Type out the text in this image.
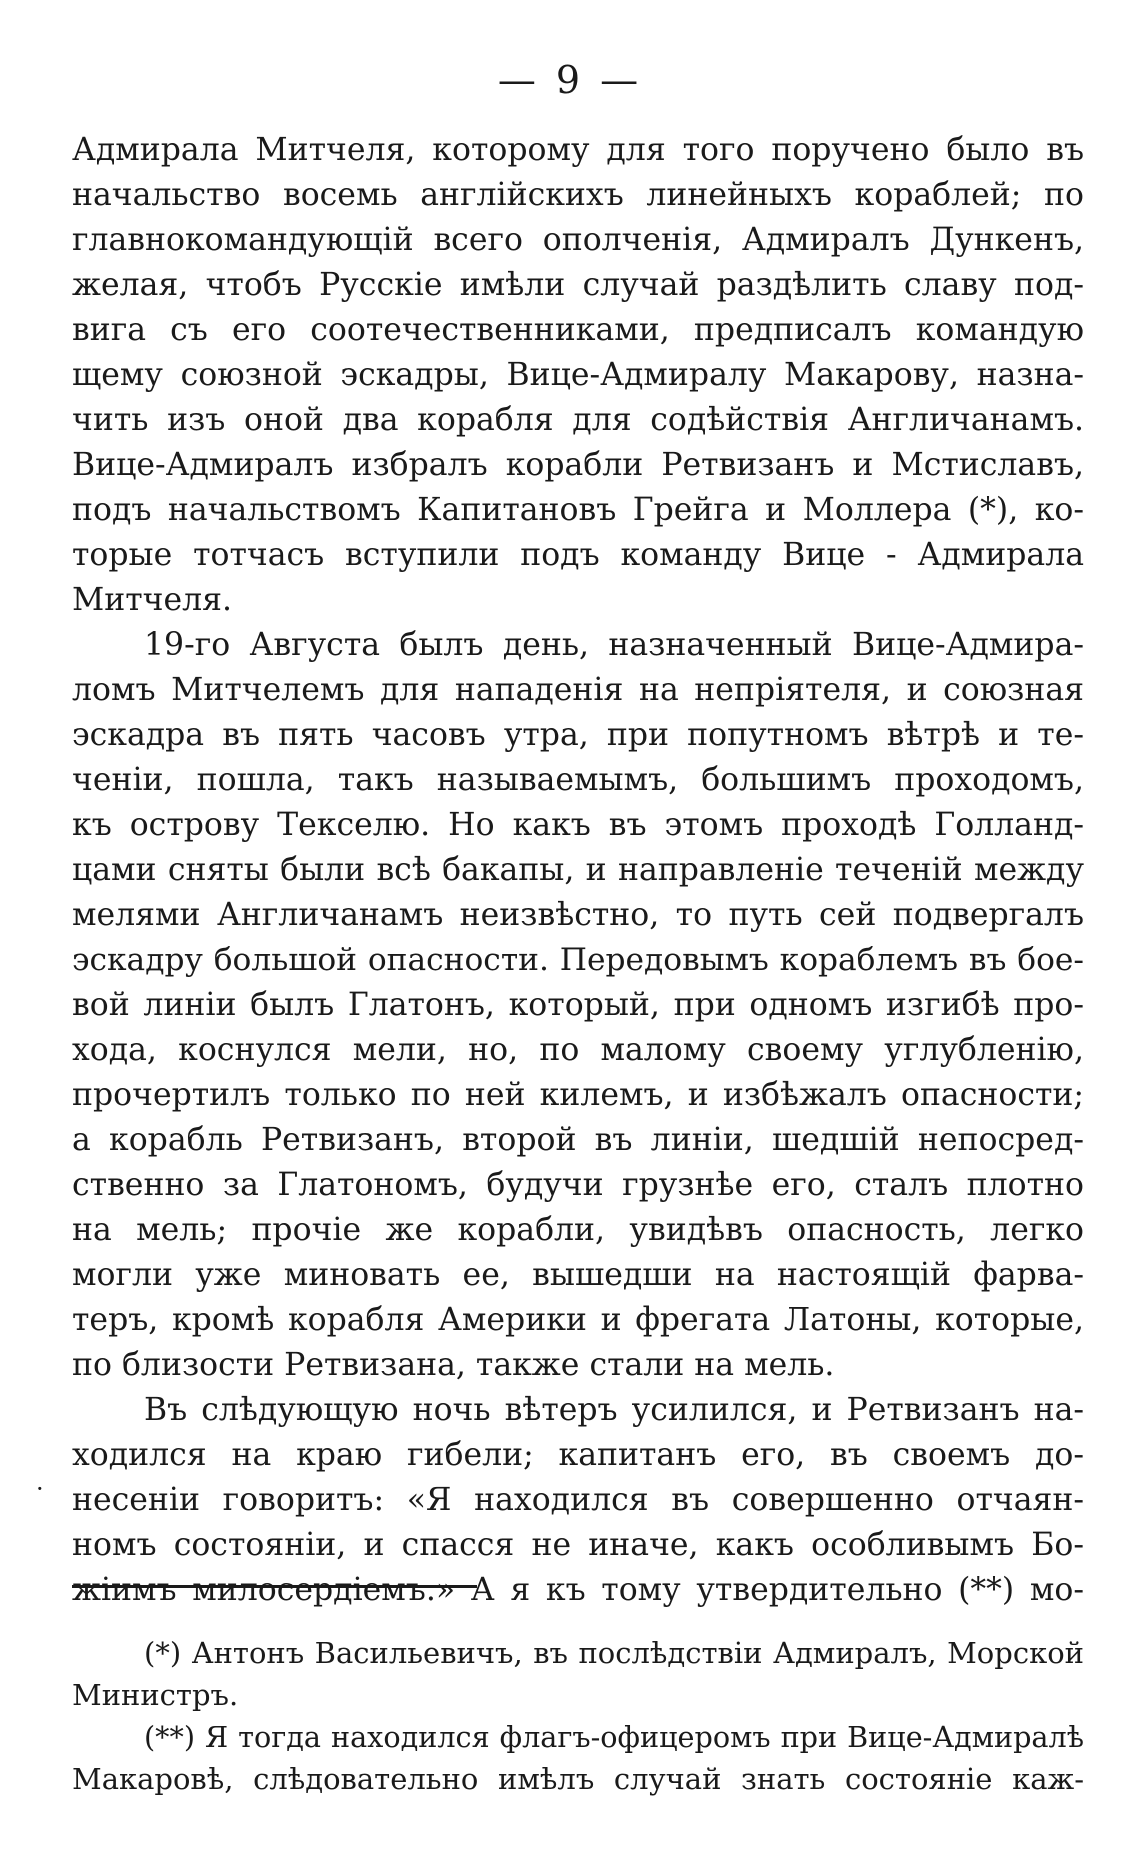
— 9 —
·
Адмирала Митчеля, которому для того поручено было въ
начальство восемь англійскихъ линейныхъ кораблей; по
главнокомандующій всего ополченія, Адмиралъ Дункенъ,
желая, чтобъ Русскіе имѣли случай раздѣлить славу под-
вига съ его соотечественниками, предписалъ командую
щему союзной эскадры, Вице-Адмиралу Макарову, назна-
чить изъ оной два корабля для содѣйствія Англичанамъ.
Вице-Адмиралъ избралъ корабли Ретвизанъ и Мстиславъ,
подъ начальствомъ Капитановъ Грейга и Моллера (*), ко-
торые тотчасъ вступили подъ команду Вице - Адмирала
Митчеля.
19-го Августа былъ день, назначенный Вице-Адмира-
ломъ Митчелемъ для нападенія на непріятеля, и союзная
эскадра въ пять часовъ утра, при попутномъ вѣтрѣ и те-
ченіи, пошла, такъ называемымъ, большимъ проходомъ,
къ острову Текселю. Но какъ въ этомъ проходѣ Голланд-
цами сняты были всѣ бакапы, и направленіе теченій между
мелями Англичанамъ неизвѣстно, то путь сей подвергалъ
эскадру большой опасности. Передовымъ кораблемъ въ бое-
вой линіи былъ Глатонъ, который, при одномъ изгибѣ про-
хода, коснулся мели, но, по малому своему углубленію,
прочертилъ только по ней килемъ, и избѣжалъ опасности;
а корабль Ретвизанъ, второй въ линіи, шедшій непосред-
ственно за Глатономъ, будучи грузнѣе его, сталъ плотно
на мель; прочіе же корабли, увидѣвъ опасность, легко
могли уже миновать ее, вышедши на настоящій фарва-
теръ, кромѣ корабля Америки и фрегата Латоны, которые,
по близости Ретвизана, также стали на мель.
Въ слѣдующую ночь вѣтеръ усилился, и Ретвизанъ на-
ходился на краю гибели; капитанъ его, въ своемъ до-
несеніи говоритъ: «Я находился въ совершенно отчаян-
номъ состояніи, и спасся не иначе, какъ особливымъ Бо-
жіимъ милосердіемъ.» А я къ тому утвердительно (**) мо-
(*) Антонъ Васильевичъ, въ послѣдствіи Адмиралъ, Морской
Министръ.
(**) Я тогда находился флагъ-офицеромъ при Вице-Адмиралѣ
Макаровѣ, слѣдовательно имѣлъ случай знать состояніе каж-
